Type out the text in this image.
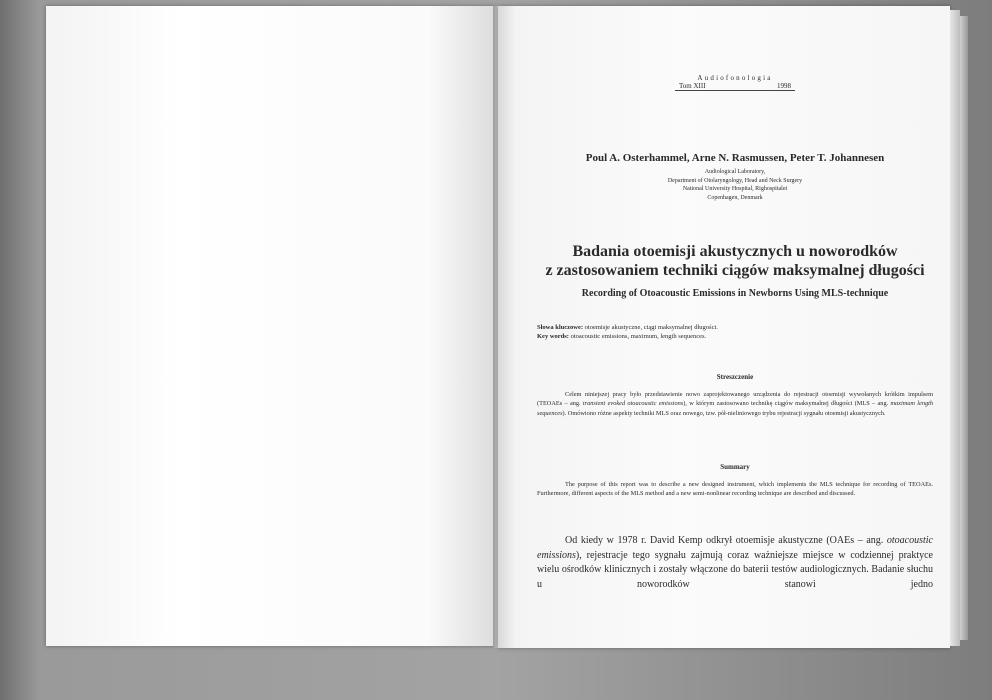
Audiofonologia
Tom XIII	1998
Poul A. Osterhammel, Arne N. Rasmussen, Peter T. Johannesen
Audiological Laboratory,
Department of Otolaryngology, Head and Neck Surgery
National University Hospital, Righospitalet
Copenhagen, Denmark
Badania otoemisji akustycznych u noworodków
z zastosowaniem techniki ciągów maksymalnej długości
Recording of Otoacoustic Emissions in Newborns Using MLS-technique
Słowa kluczowe: otoemisje akustyczne, ciągi maksymalnej długości.
Key words: otoacoustic emissions, maximum, length sequences.
Streszczenie

Celem niniejszej pracy było przedstawienie nowo zaprojektowanego urządzenia do rejestracji otoemisji wywołanych krótkim impulsem (TEOAEs – ang. transient evoked otoacoustic emissions), w którym zastosowano technikę ciągów maksymalnej długości (MLS – ang. maximum length sequences). Omówiono różne aspekty techniki MLS oraz nowego, tzw. pół-nieliniowego trybu rejestracji sygnału otoemisji akustycznych.

Summary

The purpose of this report was to describe a new designed instrument, which implements the MLS technique for recording of TEOAEs. Furthermore, different aspects of the MLS method and a new semi-nonlinear recording technique are described and discussed.

Od kiedy w 1978 r. David Kemp odkrył otoemisje akustyczne (OAEs – ang. otoacoustic emissions), rejestracje tego sygnału zajmują coraz ważniejsze miejsce w codziennej praktyce wielu ośrodków klinicznych i zostały włączone do baterii testów audiologicznych. Badanie słuchu u noworodków stanowi jedno
